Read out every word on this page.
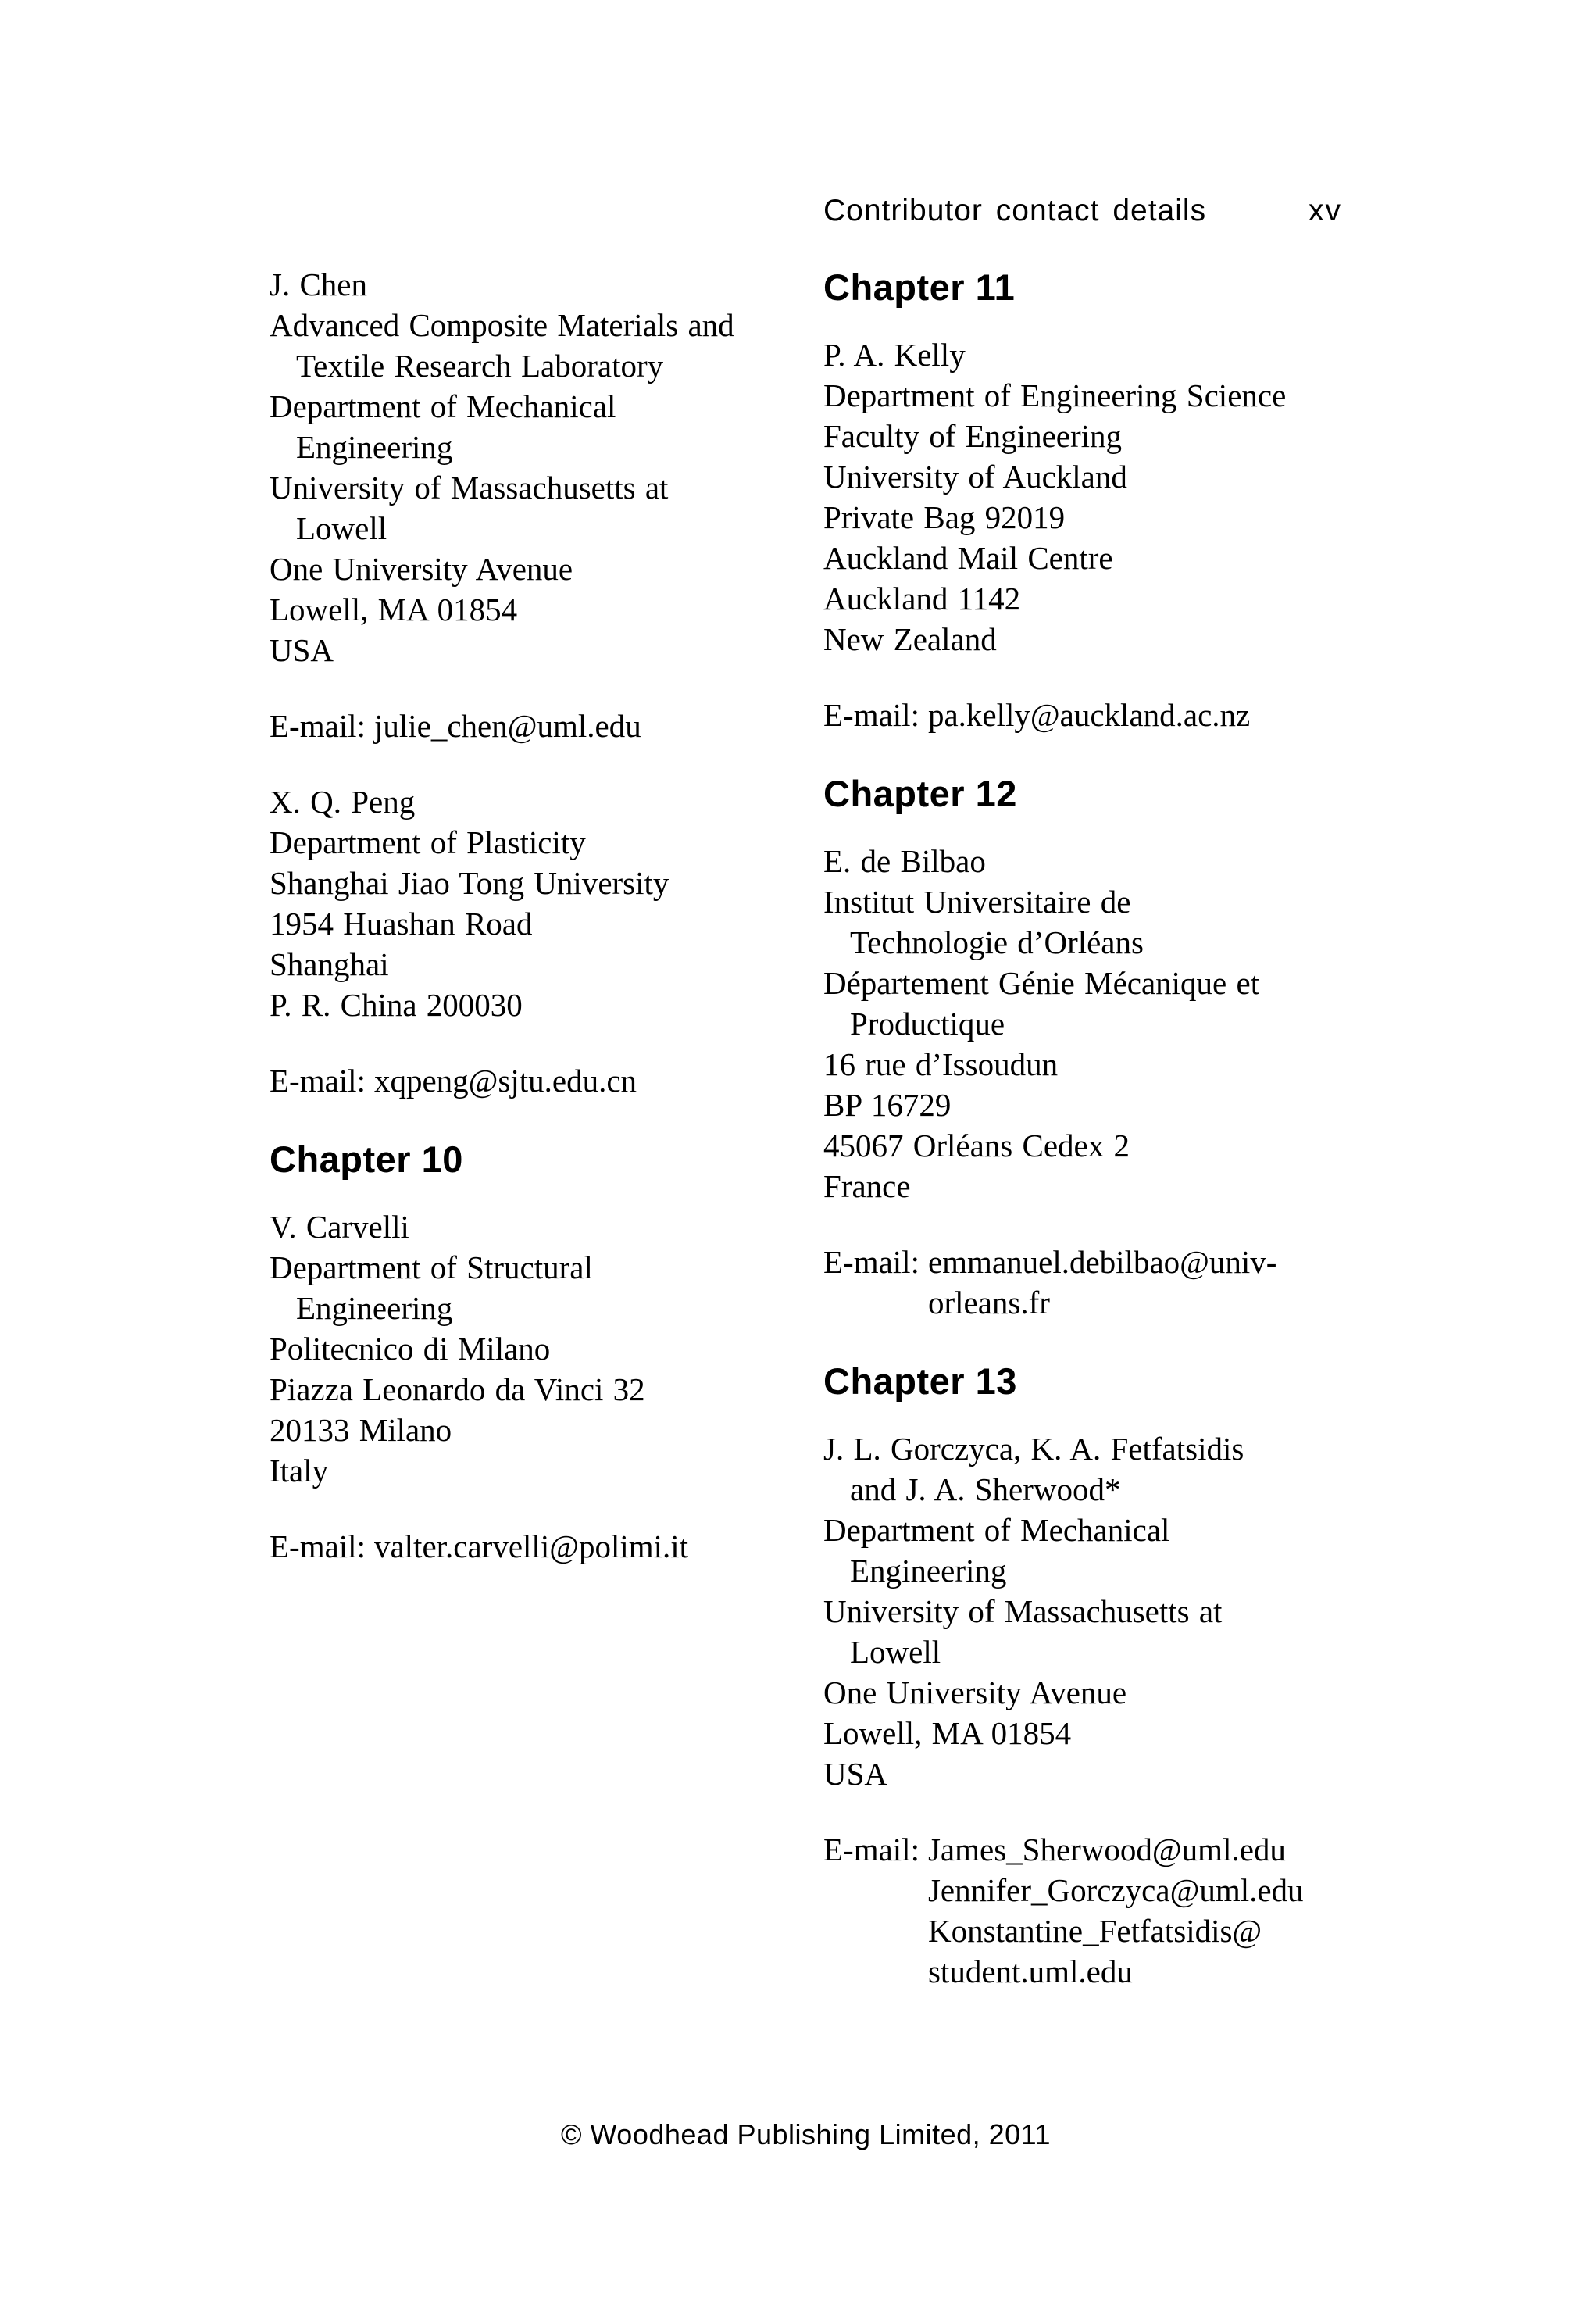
Contributor contact details	xv
J. Chen
Advanced Composite Materials and
Textile Research Laboratory
Department of Mechanical
Engineering
University of Massachusetts at
Lowell
One University Avenue
Lowell, MA 01854
USA
E-mail: julie_chen@uml.edu
X. Q. Peng
Department of Plasticity
Shanghai Jiao Tong University
1954 Huashan Road
Shanghai
P. R. China 200030
E-mail: xqpeng@sjtu.edu.cn
Chapter 10
V. Carvelli
Department of Structural
Engineering
Politecnico di Milano
Piazza Leonardo da Vinci 32
20133 Milano
Italy
E-mail: valter.carvelli@polimi.it
Chapter 11
P. A. Kelly
Department of Engineering Science
Faculty of Engineering
University of Auckland
Private Bag 92019
Auckland Mail Centre
Auckland 1142
New Zealand
E-mail: pa.kelly@auckland.ac.nz
Chapter 12
E. de Bilbao
Institut Universitaire de
Technologie d’Orléans
Département Génie Mécanique et
Productique
16 rue d’Issoudun
BP 16729
45067 Orléans Cedex 2
France
E-mail: emmanuel.debilbao@univ-
orleans.fr
Chapter 13
J. L. Gorczyca, K. A. Fetfatsidis
and J. A. Sherwood*
Department of Mechanical
Engineering
University of Massachusetts at
Lowell
One University Avenue
Lowell, MA 01854
USA
E-mail: James_Sherwood@uml.edu
Jennifer_Gorczyca@uml.edu
Konstantine_Fetfatsidis@
student.uml.edu
© Woodhead Publishing Limited, 2011
